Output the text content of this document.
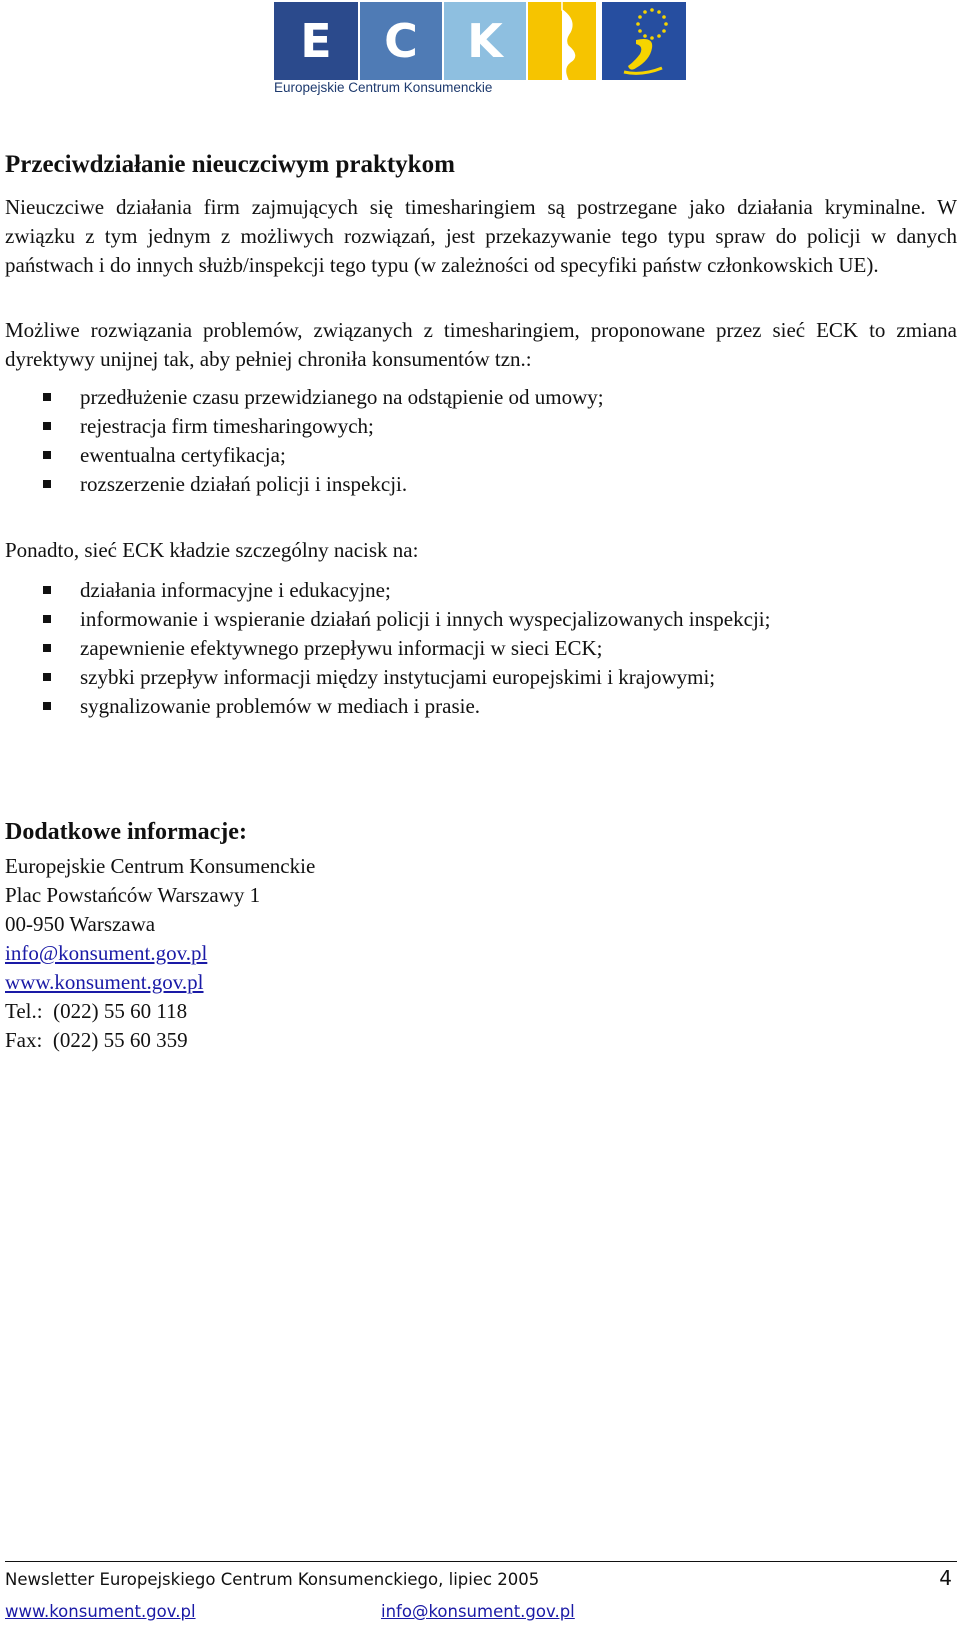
E	C	K
Europejskie Centrum Konsumenckie
Przeciwdziałanie nieuczciwym praktykom

Nieuczciwe działania firm zajmujących się timesharingiem są postrzegane jako działania kryminalne. W związku z tym jednym z możliwych rozwiązań, jest przekazywanie tego typu spraw do policji w danych państwach i do innych służb/inspekcji tego typu (w zależności od specyfiki państw członkowskich UE).

Możliwe rozwiązania problemów, związanych z timesharingiem, proponowane przez sieć ECK to zmiana dyrektywy unijnej tak, aby pełniej chroniła konsumentów tzn.:

przedłużenie czasu przewidzianego na odstąpienie od umowy;
rejestracja firm timesharingowych;
ewentualna certyfikacja;
rozszerzenie działań policji i inspekcji.

Ponadto, sieć ECK kładzie szczególny nacisk na:

działania informacyjne i edukacyjne;
informowanie i wspieranie działań policji i innych wyspecjalizowanych inspekcji;
zapewnienie efektywnego przepływu informacji w sieci ECK;
szybki przepływ informacji między instytucjami europejskimi i krajowymi;
sygnalizowanie problemów w mediach i prasie.
Dodatkowe informacje:
Europejskie Centrum Konsumenckie
Plac Powstańców Warszawy 1
00-950 Warszawa
info@konsument.gov.pl
www.konsument.gov.pl
Tel.: (022) 55 60 118
Fax: (022) 55 60 359
Newsletter Europejskiego Centrum Konsumenckiego, lipiec 2005	4
www.konsument.gov.pl	info@konsument.gov.pl
